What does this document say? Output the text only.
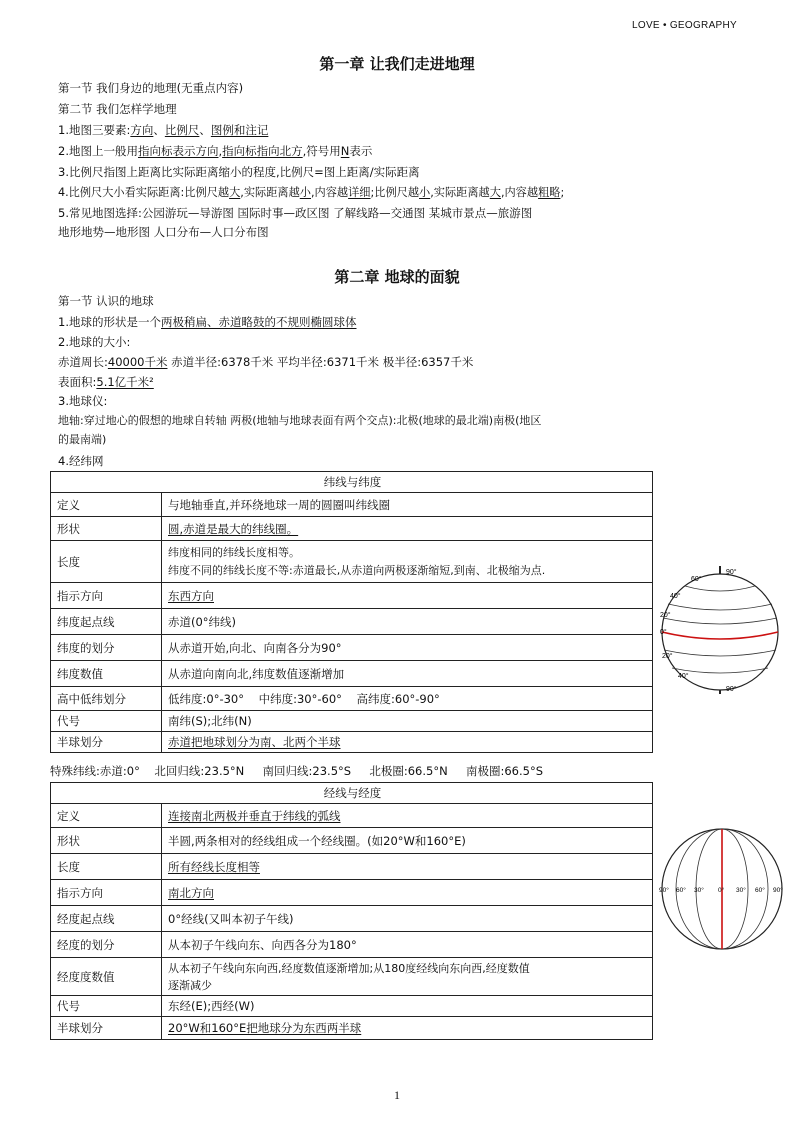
LOVE • GEOGRAPHY
第一章 让我们走进地理
第一节 我们身边的地理(无重点内容)
第二节 我们怎样学地理
1.地图三要素:方向、比例尺、图例和注记
2.地图上一般用指向标表示方向,指向标指向北方,符号用N表示
3.比例尺指图上距离比实际距离缩小的程度,比例尺=图上距离/实际距离
4.比例尺大小看实际距离:比例尺越大,实际距离越小,内容越详细;比例尺越小,实际距离越大,内容越粗略;
5.常见地图选择:公园游玩—导游图 国际时事—政区图 了解线路—交通图 某城市景点—旅游图
地形地势—地形图 人口分布—人口分布图
第二章 地球的面貌
第一节 认识的地球
1.地球的形状是一个两极稍扁、赤道略鼓的不规则椭圆球体
2.地球的大小:
赤道周长:40000千米 赤道半径:6378千米 平均半径:6371千米 极半径:6357千米
表面积:5.1亿千米²
3.地球仪:
地轴:穿过地心的假想的地球自转轴 两极(地轴与地球表面有两个交点):北极(地球的最北端)南极(地区
的最南端)
4.经纬网
纬线与纬度	
定义	与地轴垂直,并环绕地球一周的圆圈叫纬线圈
形状	圆,赤道是最大的纬线圈。
长度	纬度相同的纬线长度相等。
纬度不同的纬线长度不等:赤道最长,从赤道向两极逐渐缩短,到南、北极缩为点.

指示方向	东西方向
纬度起点线	赤道(0°纬线)
纬度的划分	从赤道开始,向北、向南各分为90°
纬度数值	从赤道向南向北,纬度数值逐渐增加
高中低纬划分	低纬度:0°-30°    中纬度:30°-60°    高纬度:60°-90°
代号	南纬(S);北纬(N)
半球划分	赤道把地球划分为南、北两个半球
特殊纬线:赤道:0°    北回归线:23.5°N     南回归线:23.5°S     北极圈:66.5°N     南极圈:66.5°S
经线与经度	
定义	连接南北两极并垂直于纬线的弧线
形状	半圆,两条相对的经线组成一个经线圈。(如20°W和160°E)
长度	所有经线长度相等
指示方向	南北方向
经度起点线	0°经线(又叫本初子午线)
经度的划分	从本初子午线向东、向西各分为180°
经度度数值	从本初子午线向东向西,经度数值逐渐增加;从180度经线向东向西,经度数值
逐渐减少

代号	东经(E);西经(W)
半球划分	20°W和160°E把地球分为东西两半球
90°
60°
40°
20°
0°
20°
40°
90°
90° 60° 30° 0° 30° 60° 90°
1
